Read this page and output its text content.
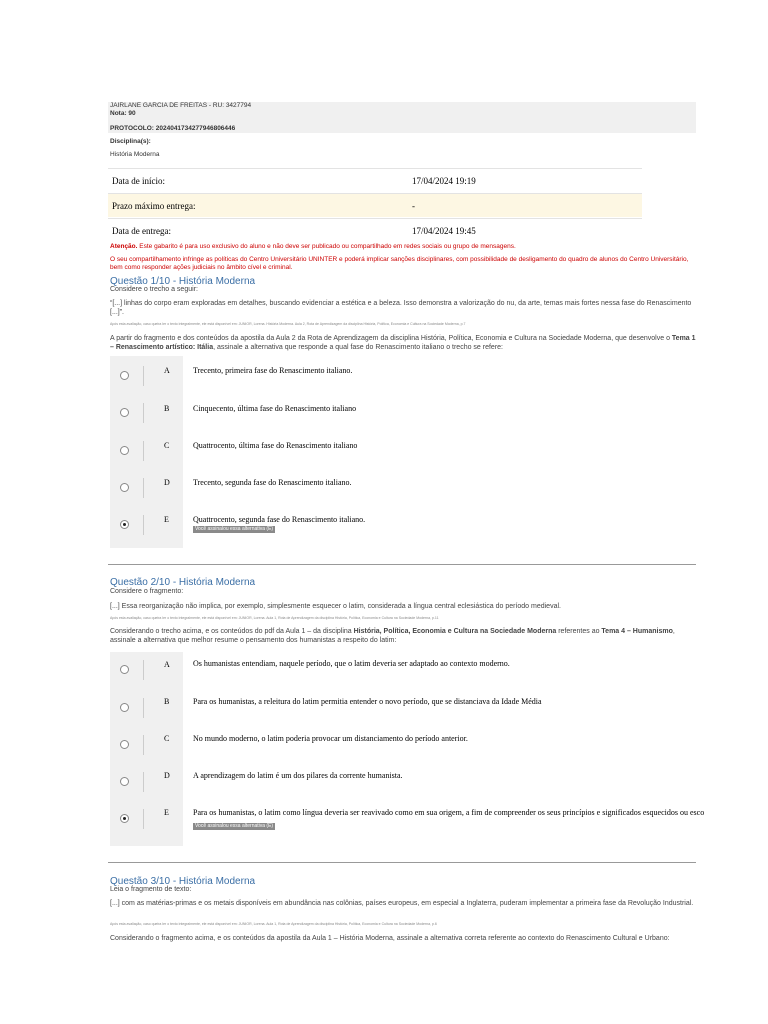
JAIRLANE GARCIA DE FREITAS - RU: 3427794
Nota: 90
PROTOCOLO: 2024041734277946806446
Disciplina(s):
História Moderna
Data de início:	17/04/2024 19:19
Prazo máximo entrega:	-
Data de entrega:	17/04/2024 19:45
Atenção. Este gabarito é para uso exclusivo do aluno e não deve ser publicado ou compartilhado em redes sociais ou grupo de mensagens.
O seu compartilhamento infringe as políticas do Centro Universitário UNINTER e poderá implicar sanções disciplinares, com possibilidade de desligamento do quadro de alunos do Centro Universitário, bem como responder ações judiciais no âmbito cível e criminal.
Questão 1/10 - História Moderna
Considere o trecho a seguir:
“[...] linhas do corpo eram exploradas em detalhes, buscando evidenciar a estética e a beleza. Isso demonstra a valorização do nu, da arte, temas mais fortes nessa fase do Renascimento [...]”.
Após esta avaliação, caso queira ler o texto integralmente, ele está disponível em: JUNIOR, Lorena. História Moderna. Aula 2, Rota de Aprendizagem da disciplina História, Política, Economia e Cultura na Sociedade Moderna, p.7
A partir do fragmento e dos conteúdos da apostila da Aula 2 da Rota de Aprendizagem da disciplina História, Política, Economia e Cultura na Sociedade Moderna, que desenvolve o Tema 1 – Renascimento artístico: Itália, assinale a alternativa que responde a qual fase do Renascimento italiano o trecho se refere:
A	Trecento, primeira fase do Renascimento italiano.
B	Cinquecento, última fase do Renascimento italiano
C	Quattrocento, última fase do Renascimento italiano
D	Trecento, segunda fase do Renascimento italiano.
E	Quattrocento, segunda fase do Renascimento italiano.
Você assinalou essa alternativa (E)
Questão 2/10 - História Moderna
Considere o fragmento:
[...] Essa reorganização não implica, por exemplo, simplesmente esquecer o latim, considerada a língua central eclesiástica do período medieval.
Após esta avaliação, caso queira ler o texto integralmente, ele está disponível em: JUNIOR, Lorena. Aula 1, Rota de Aprendizagem da disciplina História, Política, Economia e Cultura na Sociedade Moderna, p.11
Considerando o trecho acima, e os conteúdos do pdf da Aula 1 – da disciplina História, Política, Economia e Cultura na Sociedade Moderna referentes ao Tema 4 – Humanismo, assinale a alternativa que melhor resume o pensamento dos humanistas a respeito do latim:
A	Os humanistas entendiam, naquele período, que o latim deveria ser adaptado ao contexto moderno.
B	Para os humanistas, a releitura do latim permitia entender o novo período, que se distanciava da Idade Média
C	No mundo moderno, o latim poderia provocar um distanciamento do período anterior.
D	A aprendizagem do latim é um dos pilares da corrente humanista.
E	Para os humanistas, o latim como língua deveria ser reavivado como em sua origem, a fim de compreender os seus princípios e significados esquecidos ou esco
Você assinalou essa alternativa (E)
Questão 3/10 - História Moderna
Leia o fragmento de texto:
[...] com as matérias-primas e os metais disponíveis em abundância nas colônias, países europeus, em especial a Inglaterra, puderam implementar a primeira fase da Revolução Industrial.
Após esta avaliação, caso queira ler o texto integralmente, ele está disponível em: JUNIOR, Lorena. Aula 1, Rota de Aprendizagem da disciplina História, Política, Economia e Cultura na Sociedade Moderna, p.6
Considerando o fragmento acima, e os conteúdos da apostila da Aula 1 – História Moderna, assinale a alternativa correta referente ao contexto do Renascimento Cultural e Urbano:
